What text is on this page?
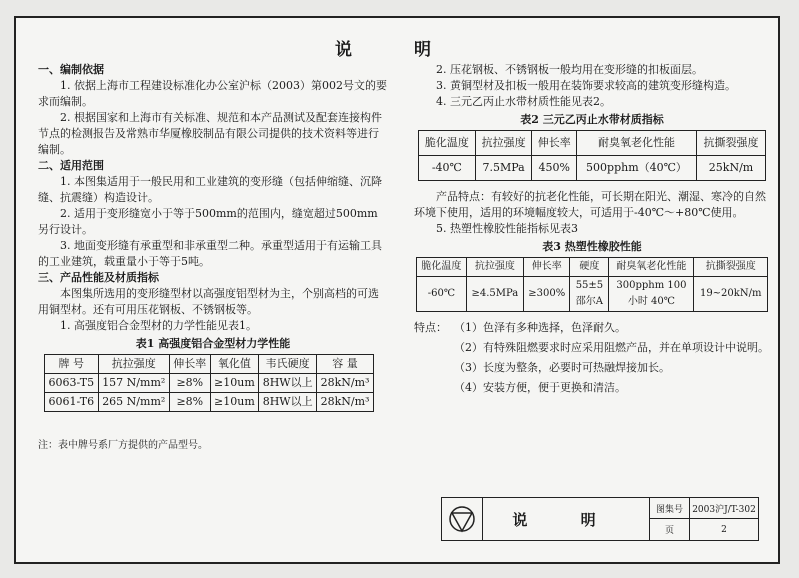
说 明

一、编制依据

1. 依据上海市工程建设标准化办公室沪标（2003）第002号文的要求而编制。

2. 根据国家和上海市有关标准、规范和本产品测试及配套连接构件节点的检测报告及常熟市华厦橡胶制品有限公司提供的技术资料等进行编制。

二、适用范围

1. 本图集适用于一般民用和工业建筑的变形缝（包括伸缩缝、沉降缝、抗震缝）构造设计。

2. 适用于变形缝宽小于等于500mm的范围内，缝宽超过500mm另行设计。

3. 地面变形缝有承重型和非承重型二种。承重型适用于有运输工具的工业建筑，载重量小于等于5吨。

三、产品性能及材质指标

本图集所选用的变形缝型材以高强度铝型材为主，个别高档的可选用铜型材。还有可用压花钢板、不锈钢板等。

1. 高强度铝合金型材的力学性能见表1。

表1 高强度铝合金型材力学性能

牌 号	抗拉强度	伸长率	氧化值	韦氏硬度	容 量
6063-T5	157 N/mm²	≥8%	≥10um	8HW以上	28kN/m³
6061-T6	265 N/mm²	≥8%	≥10um	8HW以上	28kN/m³

注：表中牌号系厂方提供的产品型号。

2. 压花钢板、不锈钢板一般均用在变形缝的扣板面层。

3. 黄铜型材及扣板一般用在装饰要求较高的建筑变形缝构造。

4. 三元乙丙止水带材质性能见表2。

表2 三元乙丙止水带材质指标

脆化温度	抗拉强度	伸长率	耐臭氧老化性能	抗撕裂强度
-40℃	7.5MPa	450%	500pphm（40℃）	25kN/m

产品特点：有较好的抗老化性能，可长期在阳光、潮湿、寒冷的自然环境下使用，适用的环境幅度较大，可适用于-40℃～+80℃使用。

5. 热塑性橡胶性能指标见表3

表3 热塑性橡胶性能

脆化温度	抗拉强度	伸长率	硬度	耐臭氧老化性能	抗撕裂强度
-60℃	≥4.5MPa	≥300%	55±5 邵尔A	300pphm 100小时 40℃	19~20kN/m
特点： （1）色泽有多种选择，色泽耐久。
（2）有特殊阻燃要求时应采用阻燃产品，并在单项设计中说明。
（3）长度为整条，必要时可热融焊接加长。
（4）安装方便，便于更换和清洁。
说 明
图集号	2003沪J/T-302
页	2
